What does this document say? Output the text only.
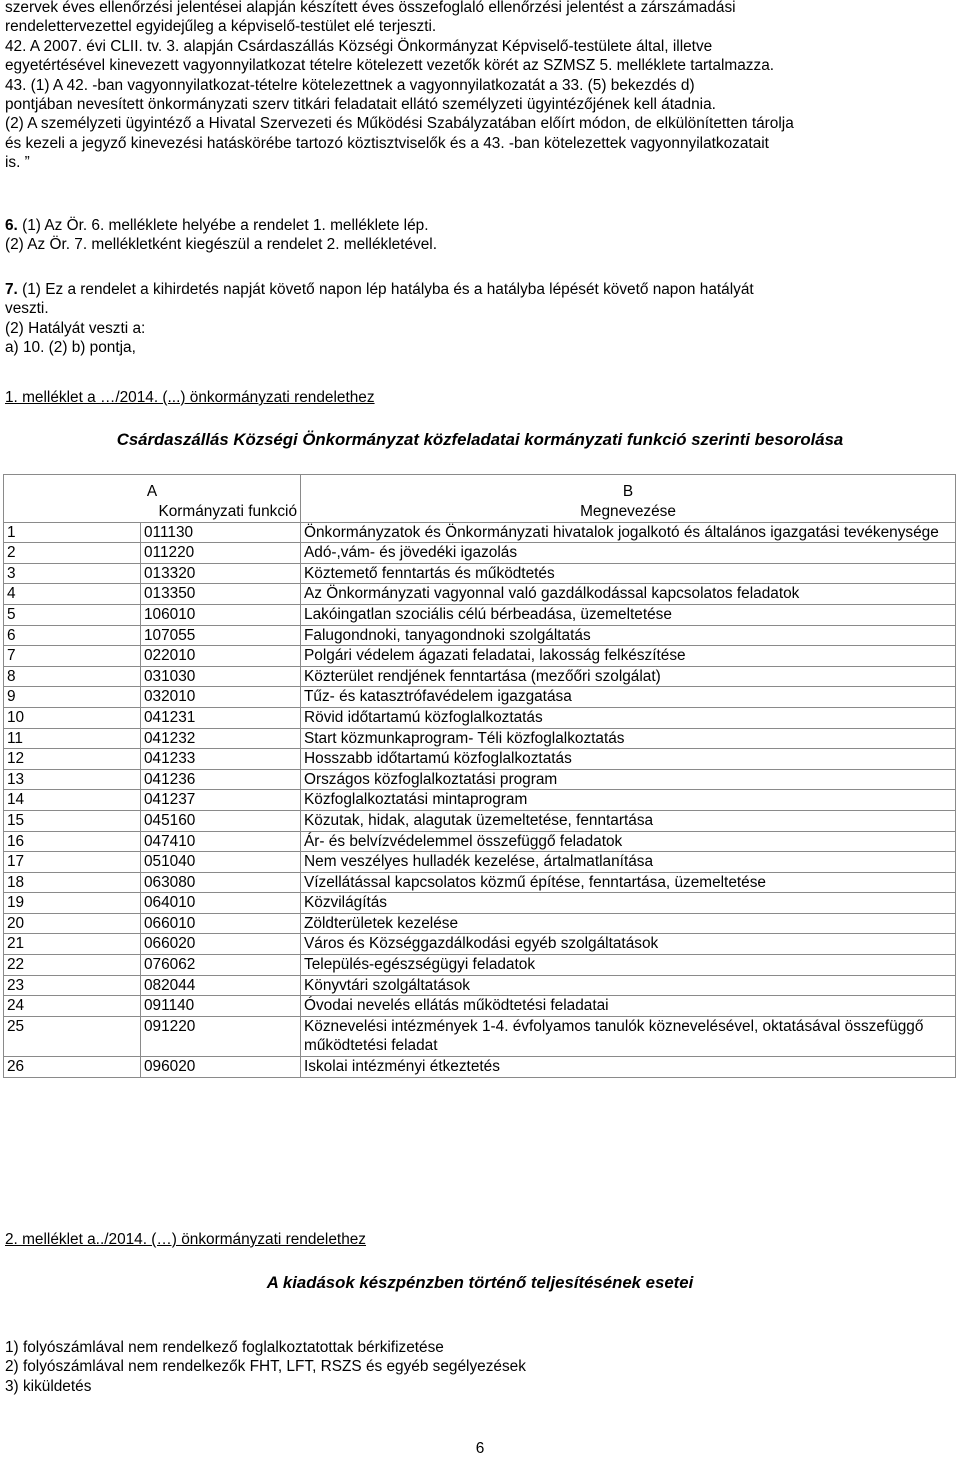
szervek éves ellenőrzési jelentései alapján készített éves összefoglaló ellenőrzési jelentést a zárszámadási
rendelettervezettel egyidejűleg a képviselő-testület elé terjeszti.
42. A 2007. évi CLII. tv. 3. alapján Csárdaszállás Községi Önkormányzat Képviselő-testülete által, illetve
egyetértésével kinevezett vagyonnyilatkozat tételre kötelezett vezetők körét az SZMSZ 5. melléklete tartalmazza.
43. (1) A 42. -ban vagyonnyilatkozat-tételre kötelezettnek a vagyonnyilatkozatát a 33. (5) bekezdés d)
pontjában nevesített önkormányzati szerv titkári feladatait ellátó személyzeti ügyintézőjének kell átadnia.
(2) A személyzeti ügyintéző a Hivatal Szervezeti és Működési Szabályzatában előírt módon, de elkülönítetten tárolja
és kezeli a jegyző kinevezési hatáskörébe tartozó köztisztviselők és a 43. -ban kötelezettek vagyonnyilatkozatait
is. ”
6. (1) Az Ör. 6. melléklete helyébe a rendelet 1. melléklete lép.
(2) Az Ör. 7. mellékletként kiegészül a rendelet 2. mellékletével.
7. (1) Ez a rendelet a kihirdetés napját követő napon lép hatályba és a hatályba lépését követő napon hatályát
veszti.
(2) Hatályát veszti a:
a) 10. (2) b) pontja,
1. melléklet a …/2014. (...) önkormányzati rendelethez
Csárdaszállás Községi Önkormányzat közfeladatai kormányzati funkció szerinti besorolása
A		B
Kormányzati funkció		Megnevezése
1	011130	Önkormányzatok és Önkormányzati hivatalok jogalkotó és általános igazgatási tevékenysége
2	011220	Adó-,vám- és jövedéki igazolás
3	013320	Köztemető fenntartás és működtetés
4	013350	Az Önkormányzati vagyonnal való gazdálkodással kapcsolatos feladatok
5	106010	Lakóingatlan szociális célú bérbeadása, üzemeltetése
6	107055	Falugondnoki, tanyagondnoki szolgáltatás
7	022010	Polgári védelem ágazati feladatai, lakosság felkészítése
8	031030	Közterület rendjének fenntartása (mezőőri szolgálat)
9	032010	Tűz- és katasztrófavédelem igazgatása
10	041231	Rövid időtartamú közfoglalkoztatás
11	041232	Start közmunkaprogram- Téli közfoglalkoztatás
12	041233	Hosszabb időtartamú közfoglalkoztatás
13	041236	Országos közfoglalkoztatási program
14	041237	Közfoglalkoztatási mintaprogram
15	045160	Közutak, hidak, alagutak üzemeltetése, fenntartása
16	047410	Ár- és belvízvédelemmel összefüggő feladatok
17	051040	Nem veszélyes hulladék kezelése, ártalmatlanítása
18	063080	Vízellátással kapcsolatos közmű építése, fenntartása, üzemeltetése
19	064010	Közvilágítás
20	066010	Zöldterületek kezelése
21	066020	Város és Községgazdálkodási egyéb szolgáltatások
22	076062	Település-egészségügyi feladatok
23	082044	Könyvtári szolgáltatások
24	091140	Óvodai nevelés ellátás működtetési feladatai
25	091220	Köznevelési intézmények 1-4. évfolyamos tanulók köznevelésével, oktatásával összefüggő működtetési feladat
26	096020	Iskolai intézményi étkeztetés
2. melléklet a../2014. (…) önkormányzati rendelethez
A kiadások készpénzben történő teljesítésének esetei
1) folyószámlával nem rendelkező foglalkoztatottak bérkifizetése
2) folyószámlával nem rendelkezők FHT, LFT, RSZS és egyéb segélyezések
3) kiküldetés
6
